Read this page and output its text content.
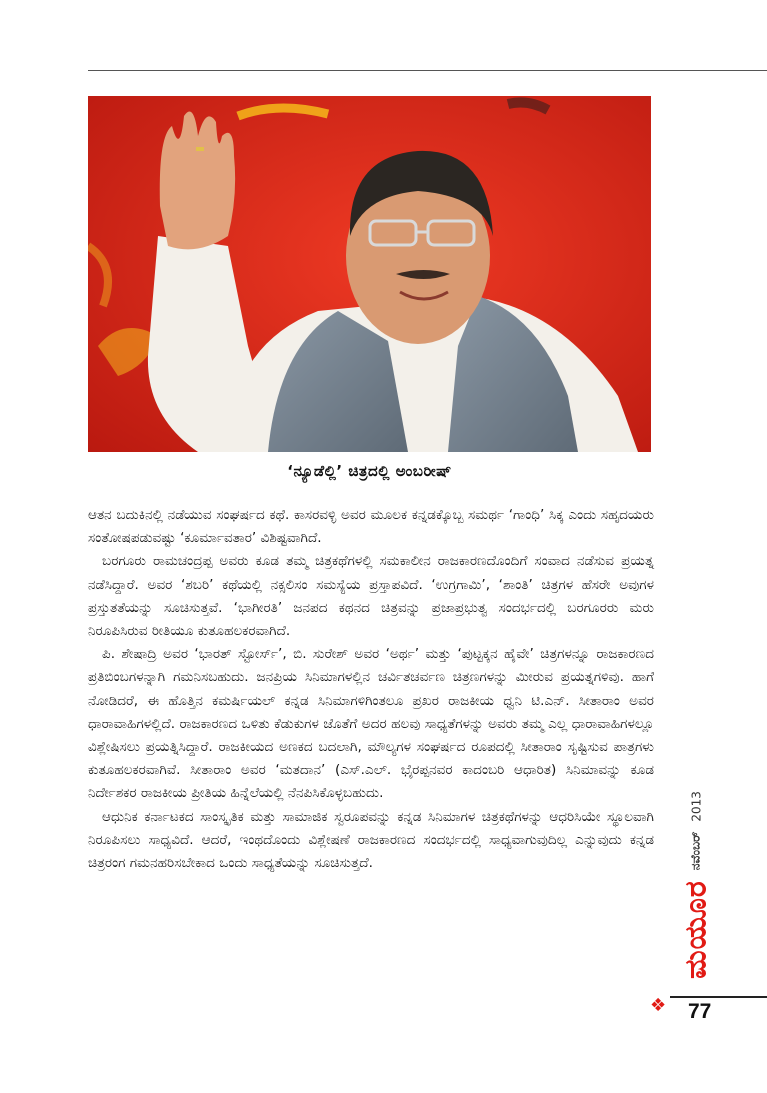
‘ನ್ಯೂಡೆಲ್ಲಿ’ ಚಿತ್ರದಲ್ಲಿ ಅಂಬರೀಷ್

ಆತನ ಬದುಕಿನಲ್ಲಿ ನಡೆಯುವ ಸಂಘರ್ಷದ ಕಥೆ. ಕಾಸರವಳ್ಳಿ ಅವರ ಮೂಲಕ ಕನ್ನಡಕ್ಕೊಬ್ಬ ಸಮರ್ಥ ‘ಗಾಂಧಿ’ ಸಿಕ್ಕ ಎಂದು ಸಹೃದಯರು ಸಂತೋಷಪಡುವಷ್ಟು ‘ಕೂರ್ಮಾವತಾರ’ ವಿಶಿಷ್ಟವಾಗಿದೆ.

ಬರಗೂರು ರಾಮಚಂದ್ರಪ್ಪ ಅವರು ಕೂಡ ತಮ್ಮ ಚಿತ್ರಕಥೆಗಳಲ್ಲಿ ಸಮಕಾಲೀನ ರಾಜಕಾರಣದೊಂದಿಗೆ ಸಂವಾದ ನಡೆಸುವ ಪ್ರಯತ್ನ ನಡೆಸಿದ್ದಾರೆ. ಅವರ ‘ಶಬರಿ’ ಕಥೆಯಲ್ಲಿ ನಕ್ಸಲಿಸಂ ಸಮಸ್ಯೆಯ ಪ್ರಸ್ತಾಪವಿದೆ. ‘ಉಗ್ರಗಾಮಿ’, ‘ಶಾಂತಿ’ ಚಿತ್ರಗಳ ಹೆಸರೇ ಅವುಗಳ ಪ್ರಸ್ತುತತೆಯನ್ನು ಸೂಚಿಸುತ್ತವೆ. ‘ಭಾಗೀರತಿ’ ಜನಪದ ಕಥನದ ಚಿತ್ರವನ್ನು ಪ್ರಜಾಪ್ರಭುತ್ವ ಸಂದರ್ಭದಲ್ಲಿ ಬರಗೂರರು ಮರು ನಿರೂಪಿಸಿರುವ ರೀತಿಯೂ ಕುತೂಹಲಕರವಾಗಿದೆ.

ಪಿ. ಶೇಷಾದ್ರಿ ಅವರ ‘ಭಾರತ್ ಸ್ಟೋರ್ಸ್’, ಬಿ. ಸುರೇಶ್ ಅವರ ‘ಅರ್ಥ’ ಮತ್ತು ‘ಪುಟ್ಟಕ್ಕನ ಹೈವೇ’ ಚಿತ್ರಗಳನ್ನೂ ರಾಜಕಾರಣದ ಪ್ರತಿಬಿಂಬಗಳನ್ನಾಗಿ ಗಮನಿಸಬಹುದು. ಜನಪ್ರಿಯ ಸಿನಿಮಾಗಳಲ್ಲಿನ ಚರ್ವಿತಚರ್ವಣ ಚಿತ್ರಣಗಳನ್ನು ಮೀರುವ ಪ್ರಯತ್ನಗಳಿವು. ಹಾಗೆ ನೋಡಿದರೆ, ಈ ಹೊತ್ತಿನ ಕಮರ್ಷಿಯಲ್ ಕನ್ನಡ ಸಿನಿಮಾಗಳಿಗಿಂತಲೂ ಪ್ರಖರ ರಾಜಕೀಯ ಧ್ವನಿ ಟಿ.ಎನ್. ಸೀತಾರಾಂ ಅವರ ಧಾರಾವಾಹಿಗಳಲ್ಲಿದೆ. ರಾಜಕಾರಣದ ಒಳಿತು ಕೆಡುಕುಗಳ ಜೊತೆಗೆ ಅದರ ಹಲವು ಸಾಧ್ಯತೆಗಳನ್ನು ಅವರು ತಮ್ಮ ಎಲ್ಲ ಧಾರಾವಾಹಿಗಳಲ್ಲೂ ವಿಶ್ಲೇಷಿಸಲು ಪ್ರಯತ್ನಿಸಿದ್ದಾರೆ. ರಾಜಕೀಯದ ಅಣಕದ ಬದಲಾಗಿ, ಮೌಲ್ಯಗಳ ಸಂಘರ್ಷದ ರೂಪದಲ್ಲಿ ಸೀತಾರಾಂ ಸೃಷ್ಟಿಸುವ ಪಾತ್ರಗಳು ಕುತೂಹಲಕರವಾಗಿವೆ. ಸೀತಾರಾಂ ಅವರ ‘ಮತದಾನ’ (ಎಸ್.ಎಲ್. ಭೈರಪ್ಪನವರ ಕಾದಂಬರಿ ಆಧಾರಿತ) ಸಿನಿಮಾವನ್ನು ಕೂಡ ನಿರ್ದೇಶಕರ ರಾಜಕೀಯ ಪ್ರೀತಿಯ ಹಿನ್ನೆಲೆಯಲ್ಲಿ ನೆನಪಿಸಿಕೊಳ್ಳಬಹುದು.

ಆಧುನಿಕ ಕರ್ನಾಟಕದ ಸಾಂಸ್ಕೃತಿಕ ಮತ್ತು ಸಾಮಾಜಿಕ ಸ್ವರೂಪವನ್ನು ಕನ್ನಡ ಸಿನಿಮಾಗಳ ಚಿತ್ರಕಥೆಗಳನ್ನು ಆಧರಿಸಿಯೇ ಸ್ಥೂಲವಾಗಿ ನಿರೂಪಿಸಲು ಸಾಧ್ಯವಿದೆ. ಆದರೆ, ಇಂಥದೊಂದು ವಿಶ್ಲೇಷಣೆ ರಾಜಕಾರಣದ ಸಂದರ್ಭದಲ್ಲಿ ಸಾಧ್ಯವಾಗುವುದಿಲ್ಲ ಎನ್ನುವುದು ಕನ್ನಡ ಚಿತ್ರರಂಗ ಗಮನಹರಿಸಬೇಕಾದ ಒಂದು ಸಾಧ್ಯತೆಯನ್ನು ಸೂಚಿಸುತ್ತದೆ.

ಮಯೂರ
ನವೆಂಬರ್
2013
❖ 77
